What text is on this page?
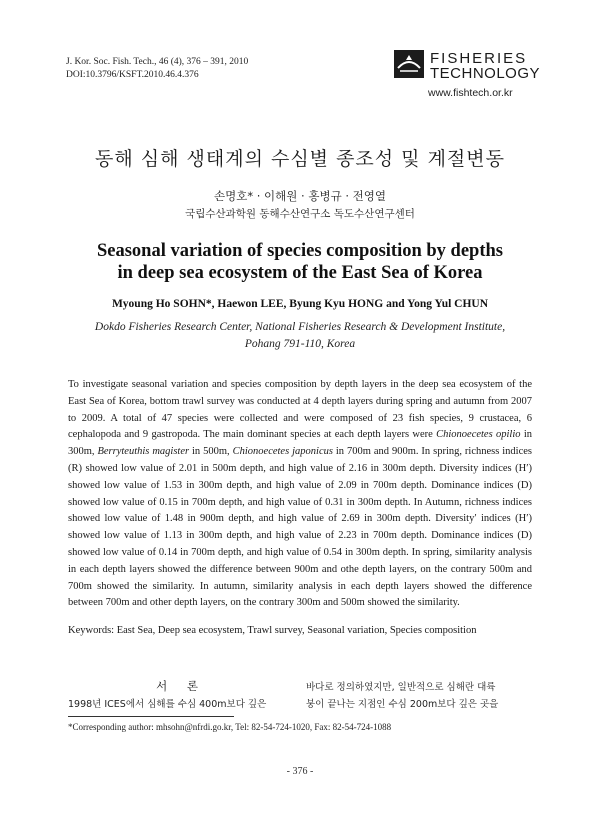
J. Kor. Soc. Fish. Tech., 46 (4), 376 – 391, 2010
DOI:10.3796/KSFT.2010.46.4.376
FISHERIES
TECHNOLOGY
www.fishtech.or.kr
동해 심해 생태계의 수심별 종조성 및 계절변동
손명호* · 이해원 · 홍병규 · 전영열
국립수산과학원 동해수산연구소 독도수산연구센터
Seasonal variation of species composition by depths
in deep sea ecosystem of the East Sea of Korea
Myoung Ho SOHN*, Haewon LEE, Byung Kyu HONG and Yong Yul CHUN
Dokdo Fisheries Research Center, National Fisheries Research & Development Institute,
Pohang 791-110, Korea
To investigate seasonal variation and species composition by depth layers in the deep sea ecosystem of the East Sea of Korea, bottom trawl survey was conducted at 4 depth layers during spring and autumn from 2007 to 2009. A total of 47 species were collected and were composed of 23 fish species, 9 crustacea, 6 cephalopoda and 9 gastropoda. The main dominant species at each depth layers were Chionoecetes opilio in 300m, Berryteuthis magister in 500m, Chionoecetes japonicus in 700m and 900m. In spring, richness indices (R) showed low value of 2.01 in 500m depth, and high value of 2.16 in 300m depth. Diversity indices (H′) showed low value of 1.53 in 300m depth, and high value of 2.09 in 700m depth. Dominance indices (D) showed low value of 0.15 in 700m depth, and high value of 0.31 in 300m depth. In Autumn, richness indices showed low value of 1.48 in 900m depth, and high value of 2.69 in 300m depth. Diversity′ indices (H′) showed low value of 1.13 in 300m depth, and high value of 2.23 in 700m depth. Dominance indices (D) showed low value of 0.14 in 700m depth, and high value of 0.54 in 300m depth. In spring, similarity analysis in each depth layers showed the difference between 900m and othe depth layers, on the contrary 500m and 700m showed the similarity. In autumn, similarity analysis in each depth layers showed the difference between 700m and other depth layers, on the contrary 300m and 500m showed the similarity.
Keywords: East Sea, Deep sea ecosystem, Trawl survey, Seasonal variation, Species composition
서 론
1998년 ICES에서 심해를 수심 400m보다 깊은
바다로 정의하였지만, 일반적으로 심해란 대륙
붕이 끝나는 지점인 수심 200m보다 깊은 곳을
*Corresponding author: mhsohn@nfrdi.go.kr, Tel: 82-54-724-1020, Fax: 82-54-724-1088
- 376 -
